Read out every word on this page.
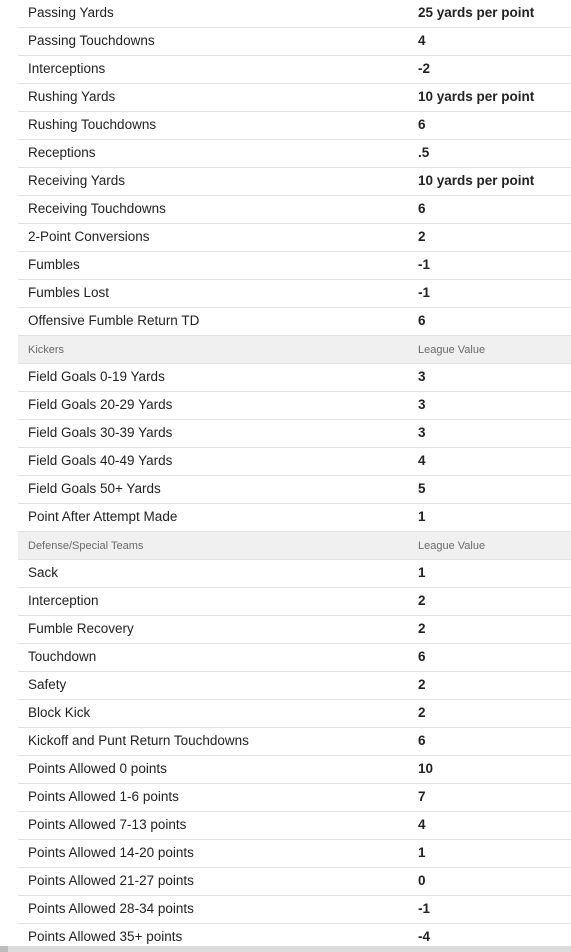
Passing Yards	25 yards per point
Passing Touchdowns	4
Interceptions	-2
Rushing Yards	10 yards per point
Rushing Touchdowns	6
Receptions	.5
Receiving Yards	10 yards per point
Receiving Touchdowns	6
2-Point Conversions	2
Fumbles	-1
Fumbles Lost	-1
Offensive Fumble Return TD	6
Kickers	League Value
Field Goals 0-19 Yards	3
Field Goals 20-29 Yards	3
Field Goals 30-39 Yards	3
Field Goals 40-49 Yards	4
Field Goals 50+ Yards	5
Point After Attempt Made	1
Defense/Special Teams	League Value
Sack	1
Interception	2
Fumble Recovery	2
Touchdown	6
Safety	2
Block Kick	2
Kickoff and Punt Return Touchdowns	6
Points Allowed 0 points	10
Points Allowed 1-6 points	7
Points Allowed 7-13 points	4
Points Allowed 14-20 points	1
Points Allowed 21-27 points	0
Points Allowed 28-34 points	-1
Points Allowed 35+ points	-4
